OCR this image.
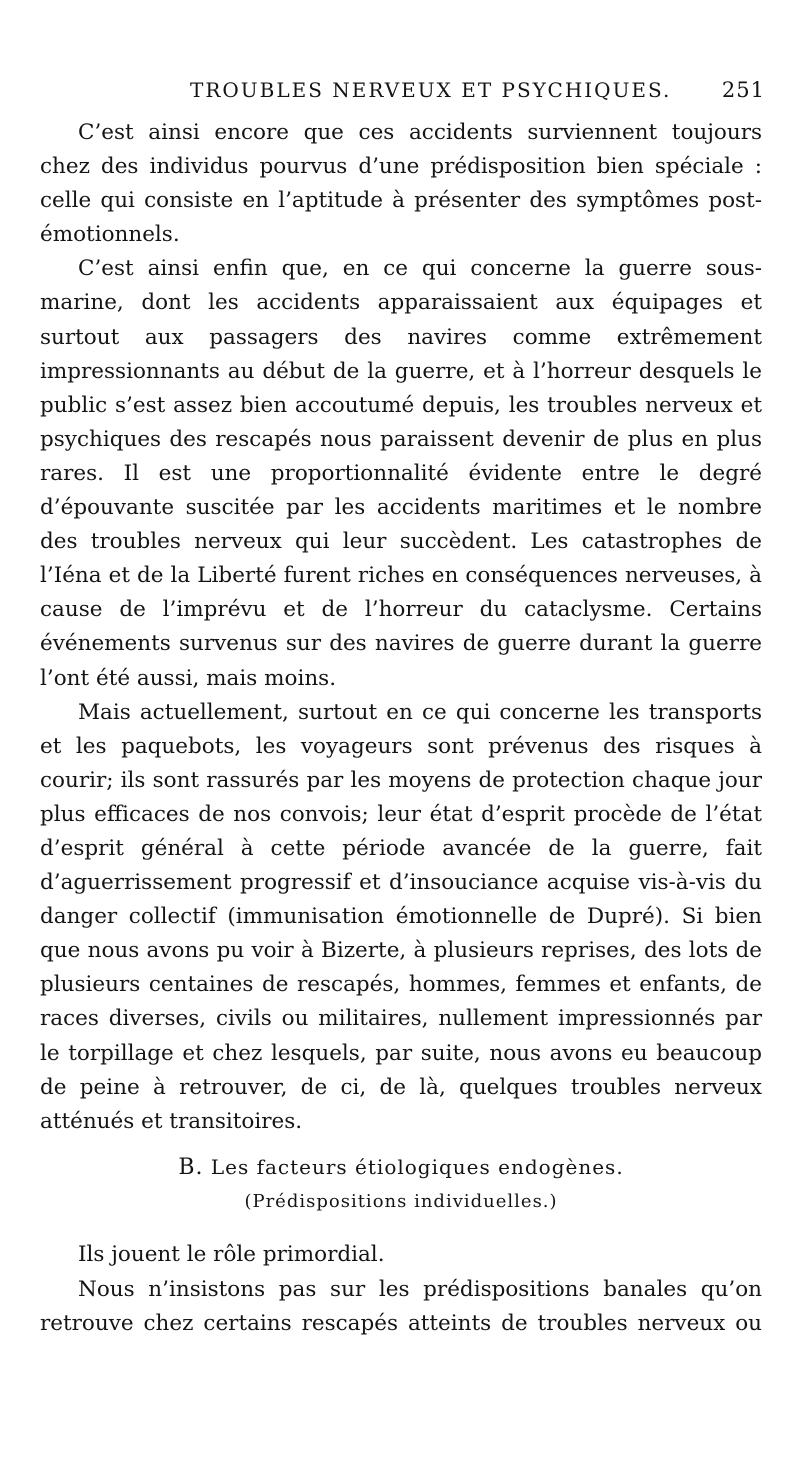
TROUBLES NERVEUX ET PSYCHIQUES. 251

C’est ainsi encore que ces accidents surviennent toujours chez des individus pourvus d’une prédisposition bien spéciale : celle qui consiste en l’aptitude à présenter des symptômes post-émotionnels.

C’est ainsi enfin que, en ce qui concerne la guerre sous-marine, dont les accidents apparaissaient aux équipages et surtout aux passagers des navires comme extrêmement impressionnants au début de la guerre, et à l’horreur desquels le public s’est assez bien accoutumé depuis, les troubles nerveux et psychiques des rescapés nous paraissent devenir de plus en plus rares. Il est une proportionnalité évidente entre le degré d’épouvante suscitée par les accidents maritimes et le nombre des troubles nerveux qui leur succèdent. Les catastrophes de l’Iéna et de la Liberté furent riches en conséquences nerveuses, à cause de l’imprévu et de l’horreur du cataclysme. Certains événements survenus sur des navires de guerre durant la guerre l’ont été aussi, mais moins.

Mais actuellement, surtout en ce qui concerne les transports et les paquebots, les voyageurs sont prévenus des risques à courir; ils sont rassurés par les moyens de protection chaque jour plus efficaces de nos convois; leur état d’esprit procède de l’état d’esprit général à cette période avancée de la guerre, fait d’aguerrissement progressif et d’insouciance acquise vis-à-vis du danger collectif (immunisation émotionnelle de Dupré). Si bien que nous avons pu voir à Bizerte, à plusieurs reprises, des lots de plusieurs centaines de rescapés, hommes, femmes et enfants, de races diverses, civils ou militaires, nullement impressionnés par le torpillage et chez lesquels, par suite, nous avons eu beaucoup de peine à retrouver, de ci, de là, quelques troubles nerveux atténués et transitoires.

B. Les facteurs étiologiques endogènes.
(Prédispositions individuelles.)

Ils jouent le rôle primordial.

Nous n’insistons pas sur les prédispositions banales qu’on retrouve chez certains rescapés atteints de troubles nerveux ou
